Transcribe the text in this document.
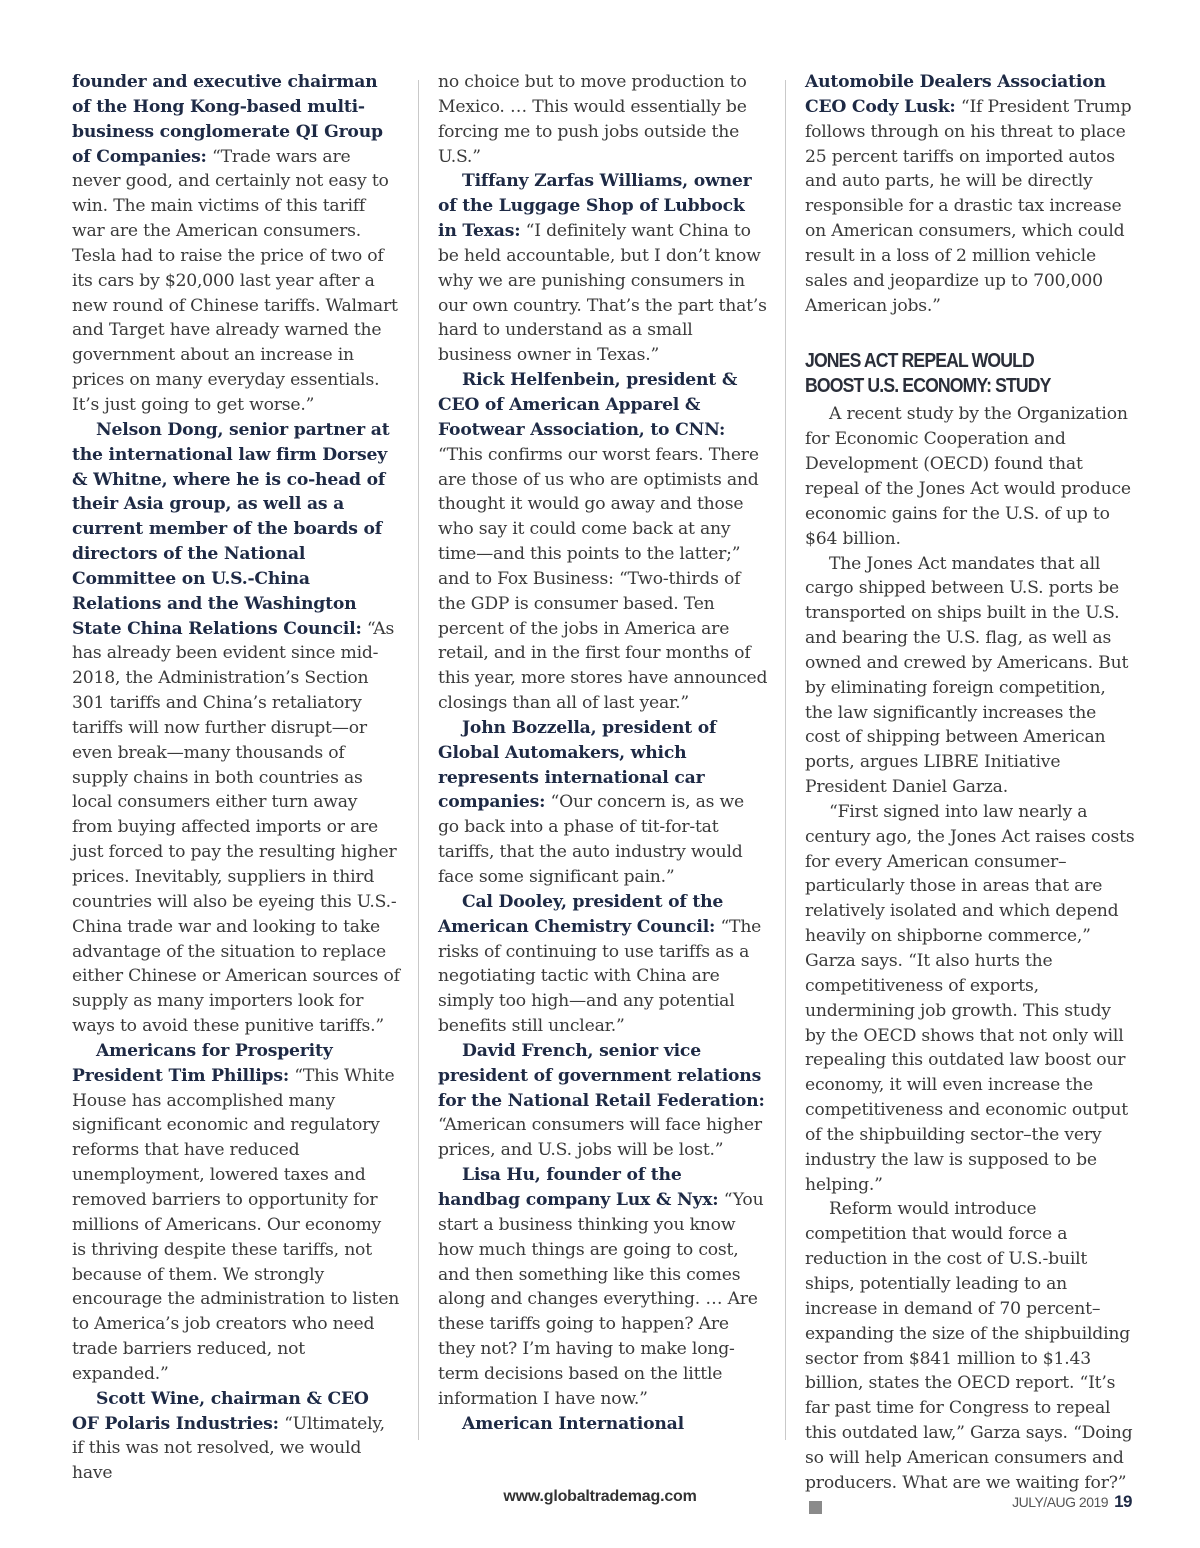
founder and executive chairman of the Hong Kong-based multi-business conglomerate QI Group of Companies: “Trade wars are never good, and certainly not easy to win. The main victims of this tariff war are the American consumers. Tesla had to raise the price of two of its cars by $20,000 last year after a new round of Chinese tariffs. Walmart and Target have already warned the government about an increase in prices on many everyday essentials. It’s just going to get worse.”

Nelson Dong, senior partner at the international law firm Dorsey & Whitne, where he is co-head of their Asia group, as well as a current member of the boards of directors of the National Committee on U.S.-China Relations and the Washington State China Relations Council: “As has already been evident since mid-2018, the Administration’s Section 301 tariffs and China’s retaliatory tariffs will now further disrupt—or even break—many thousands of supply chains in both countries as local consumers either turn away from buying affected imports or are just forced to pay the resulting higher prices. Inevitably, suppliers in third countries will also be eyeing this U.S.-China trade war and looking to take advantage of the situation to replace either Chinese or American sources of supply as many importers look for ways to avoid these punitive tariffs.”

Americans for Prosperity President Tim Phillips: “This White House has accomplished many significant economic and regulatory reforms that have reduced unemployment, lowered taxes and removed barriers to opportunity for millions of Americans. Our economy is thriving despite these tariffs, not because of them. We strongly encourage the administration to listen to America’s job creators who need trade barriers reduced, not expanded.”

Scott Wine, chairman & CEO OF Polaris Industries: “Ultimately, if this was not resolved, we would have

no choice but to move production to Mexico. … This would essentially be forcing me to push jobs outside the U.S.”

Tiffany Zarfas Williams, owner of the Luggage Shop of Lubbock in Texas: “I definitely want China to be held accountable, but I don’t know why we are punishing consumers in our own country. That’s the part that’s hard to understand as a small business owner in Texas.”

Rick Helfenbein, president & CEO of American Apparel & Footwear Association, to CNN: “This confirms our worst fears. There are those of us who are optimists and thought it would go away and those who say it could come back at any time—and this points to the latter;” and to Fox Business: “Two-thirds of the GDP is consumer based. Ten percent of the jobs in America are retail, and in the first four months of this year, more stores have announced closings than all of last year.”

John Bozzella, president of Global Automakers, which represents international car companies: “Our concern is, as we go back into a phase of tit-for-tat tariffs, that the auto industry would face some significant pain.”

Cal Dooley, president of the American Chemistry Council: “The risks of continuing to use tariffs as a negotiating tactic with China are simply too high—and any potential benefits still unclear.”

David French, senior vice president of government relations for the National Retail Federation: “American consumers will face higher prices, and U.S. jobs will be lost.”

Lisa Hu, founder of the handbag company Lux & Nyx: “You start a business thinking you know how much things are going to cost, and then something like this comes along and changes everything. … Are these tariffs going to happen? Are they not? I’m having to make long-term decisions based on the little information I have now.”

American International

Automobile Dealers Association CEO Cody Lusk: “If President Trump follows through on his threat to place 25 percent tariffs on imported autos and auto parts, he will be directly responsible for a drastic tax increase on American consumers, which could result in a loss of 2 million vehicle sales and jeopardize up to 700,000 American jobs.”

JONES ACT REPEAL WOULD BOOST U.S. ECONOMY: STUDY

A recent study by the Organization for Economic Cooperation and Development (OECD) found that repeal of the Jones Act would produce economic gains for the U.S. of up to $64 billion.

The Jones Act mandates that all cargo shipped between U.S. ports be transported on ships built in the U.S. and bearing the U.S. flag, as well as owned and crewed by Americans. But by eliminating foreign competition, the law significantly increases the cost of shipping between American ports, argues LIBRE Initiative President Daniel Garza.

“First signed into law nearly a century ago, the Jones Act raises costs for every American consumer–particularly those in areas that are relatively isolated and which depend heavily on shipborne commerce,” Garza says. “It also hurts the competitiveness of exports, undermining job growth. This study by the OECD shows that not only will repealing this outdated law boost our economy, it will even increase the competitiveness and economic output of the shipbuilding sector–the very industry the law is supposed to be helping.”

Reform would introduce competition that would force a reduction in the cost of U.S.-built ships, potentially leading to an increase in demand of 70 percent–expanding the size of the shipbuilding sector from $841 million to $1.43 billion, states the OECD report. “It’s far past time for Congress to repeal this outdated law,” Garza says. “Doing so will help American consumers and producers. What are we waiting for?”

www.globaltrademag.com	JULY/AUG 2019 19
